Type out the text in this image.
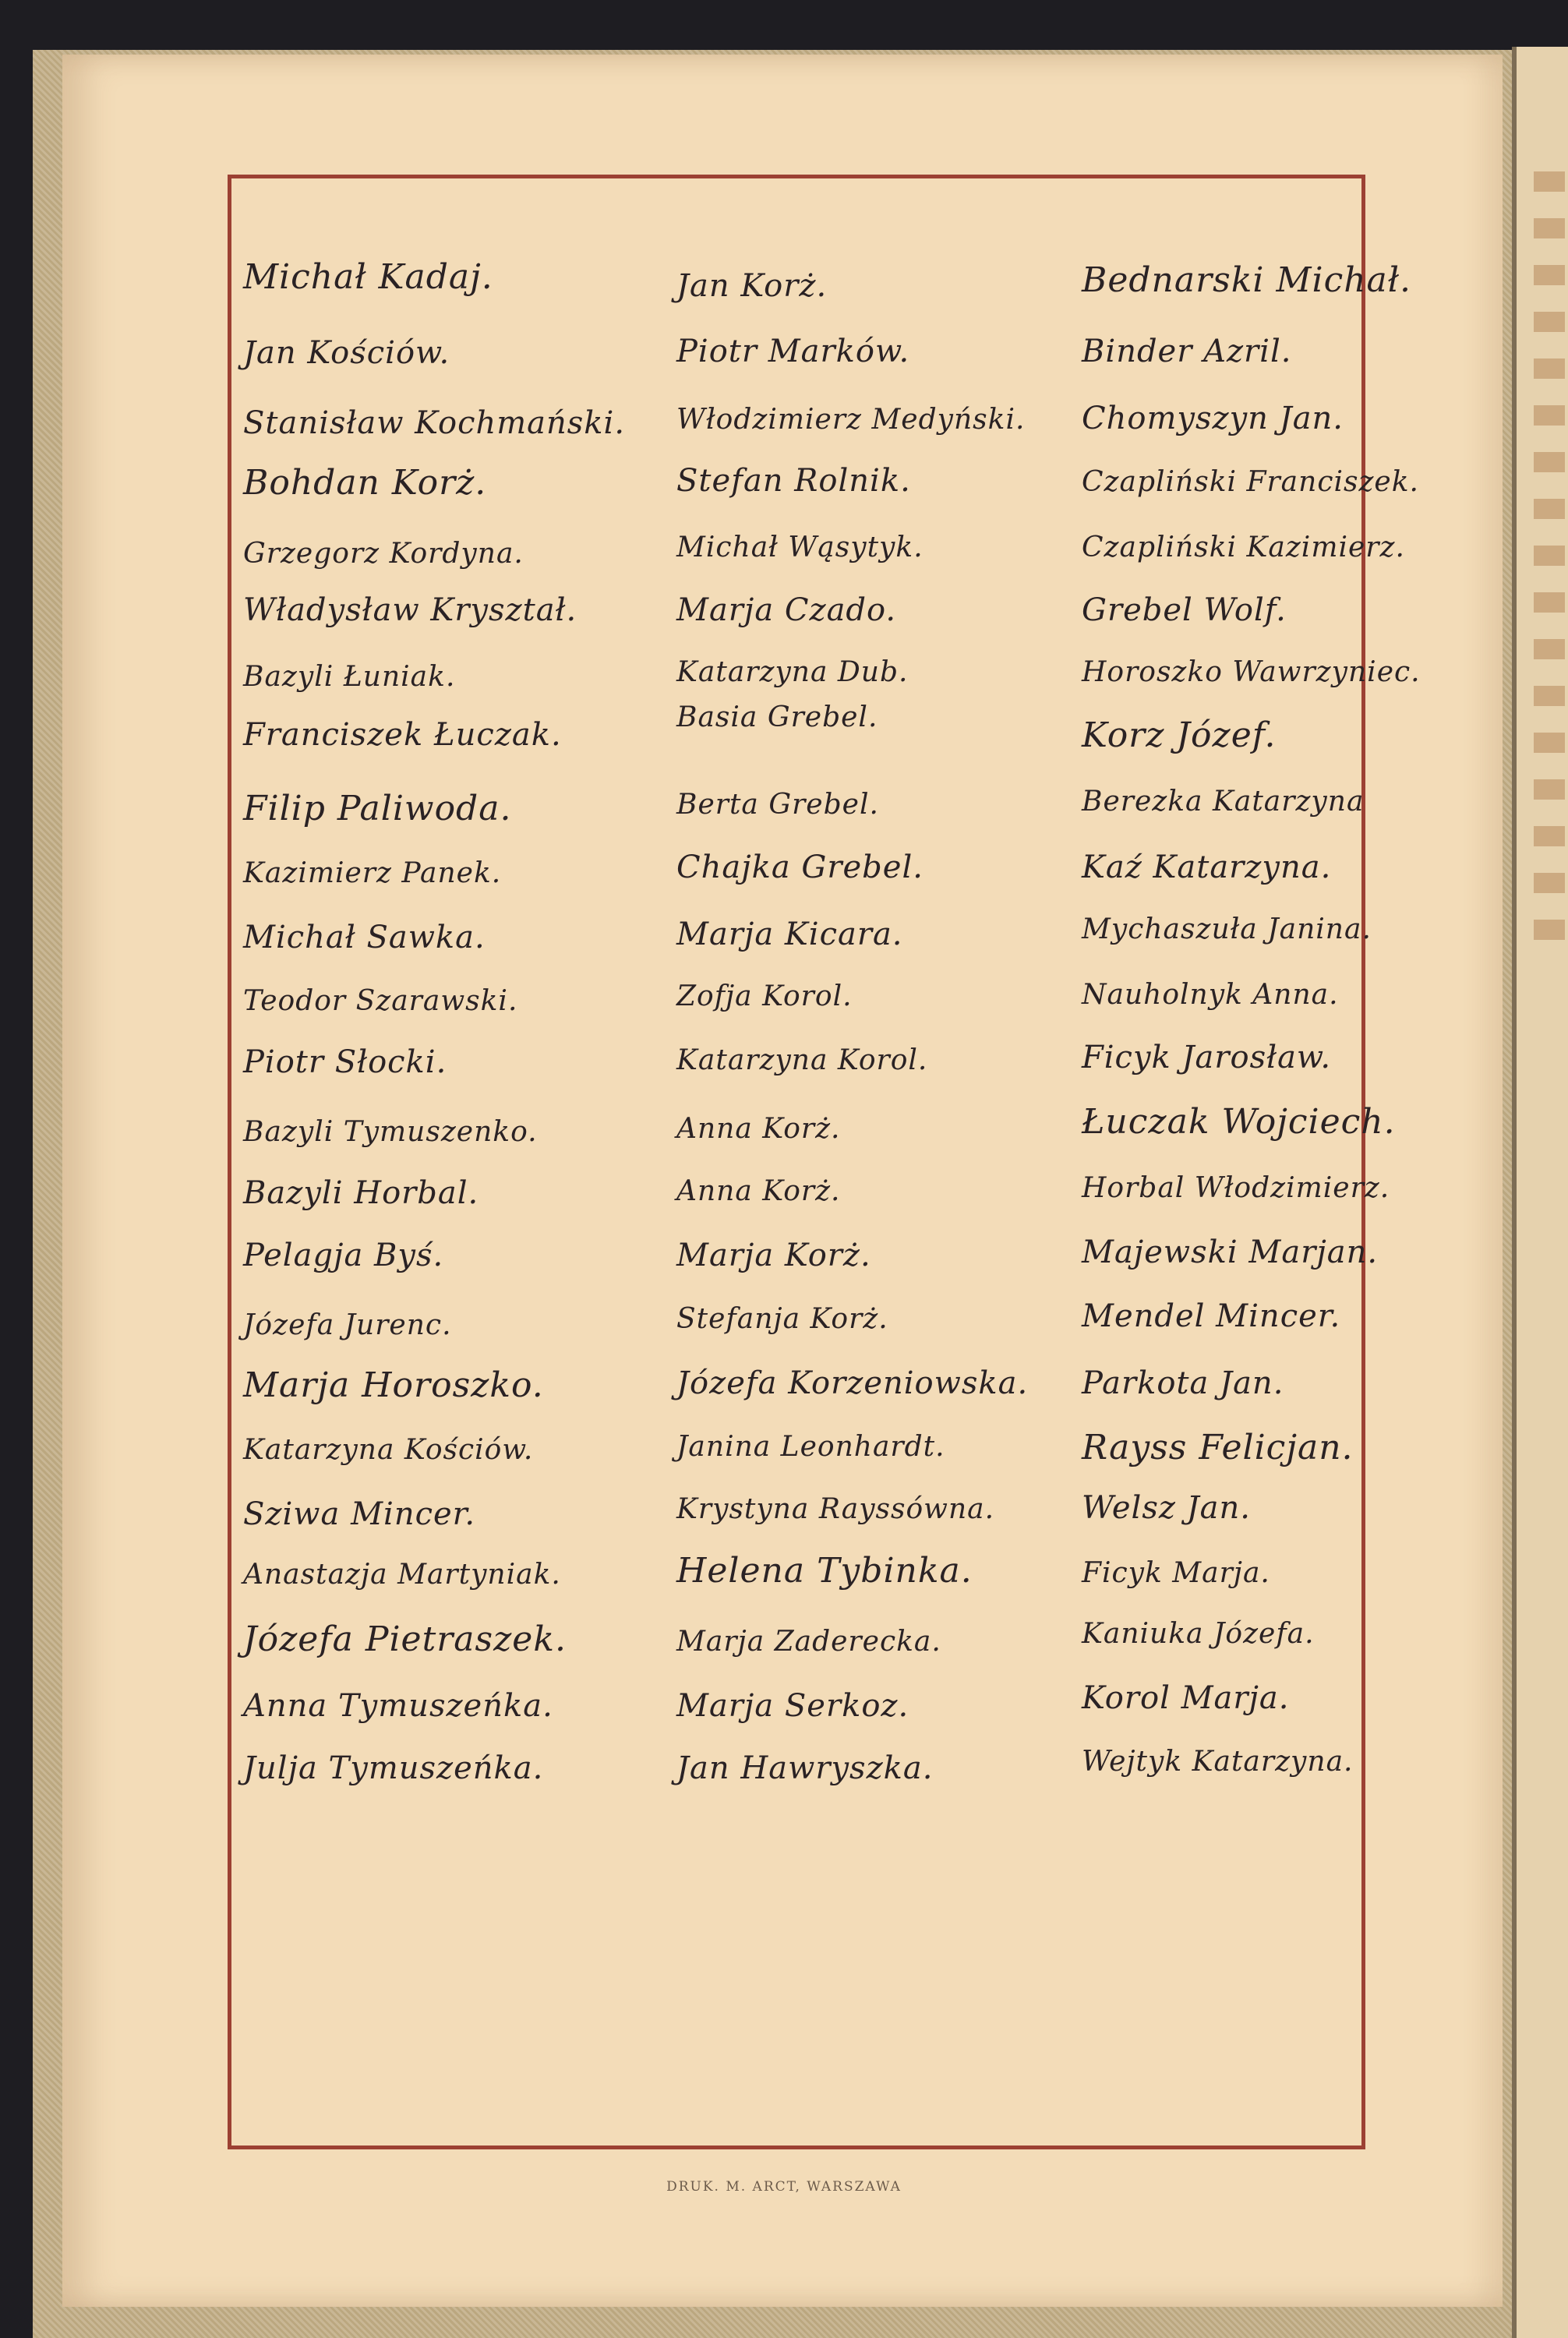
Michał Kadaj.
Jan Kościów.
Stanisław Kochmański.
Bohdan Korż.
Grzegorz Kordyna.
Władysław Kryształ.
Bazyli Łuniak.
Franciszek Łuczak.
Filip Paliwoda.
Kazimierz Panek.
Michał Sawka.
Teodor Szarawski.
Piotr Słocki.
Bazyli Tymuszenko.
Bazyli Horbal.
Pelagja Byś.
Józefa Jurenc.
Marja Horoszko.
Katarzyna Kościów.
Sziwa Mincer.
Anastazja Martyniak.
Józefa Pietraszek.
Anna Tymuszeńka.
Julja Tymuszeńka.
Jan Korż.
Piotr Marków.
Włodzimierz Medyński.
Stefan Rolnik.
Michał Wąsytyk.
Marja Czado.
Katarzyna Dub.
Basia Grebel.
Berta Grebel.
Chajka Grebel.
Marja Kicara.
Zofja Korol.
Katarzyna Korol.
Anna Korż.
Anna Korż.
Marja Korż.
Stefanja Korż.
Józefa Korzeniowska.
Janina Leonhardt.
Krystyna Rayssówna.
Helena Tybinka.
Marja Zaderecka.
Marja Serkoz.
Jan Hawryszka.
Bednarski Michał.
Binder Azril.
Chomyszyn Jan.
Czapliński Franciszek.
Czapliński Kazimierz.
Grebel Wolf.
Horoszko Wawrzyniec.
Korz Józef.
Berezka Katarzyna
Kaź Katarzyna.
Mychaszuła Janina.
Nauholnyk Anna.
Ficyk Jarosław.
Łuczak Wojciech.
Horbal Włodzimierz.
Majewski Marjan.
Mendel Mincer.
Parkota Jan.
Rayss Felicjan.
Welsz Jan.
Ficyk Marja.
Kaniuka Józefa.
Korol Marja.
Wejtyk Katarzyna.
DRUK. M. ARCT, WARSZAWA
